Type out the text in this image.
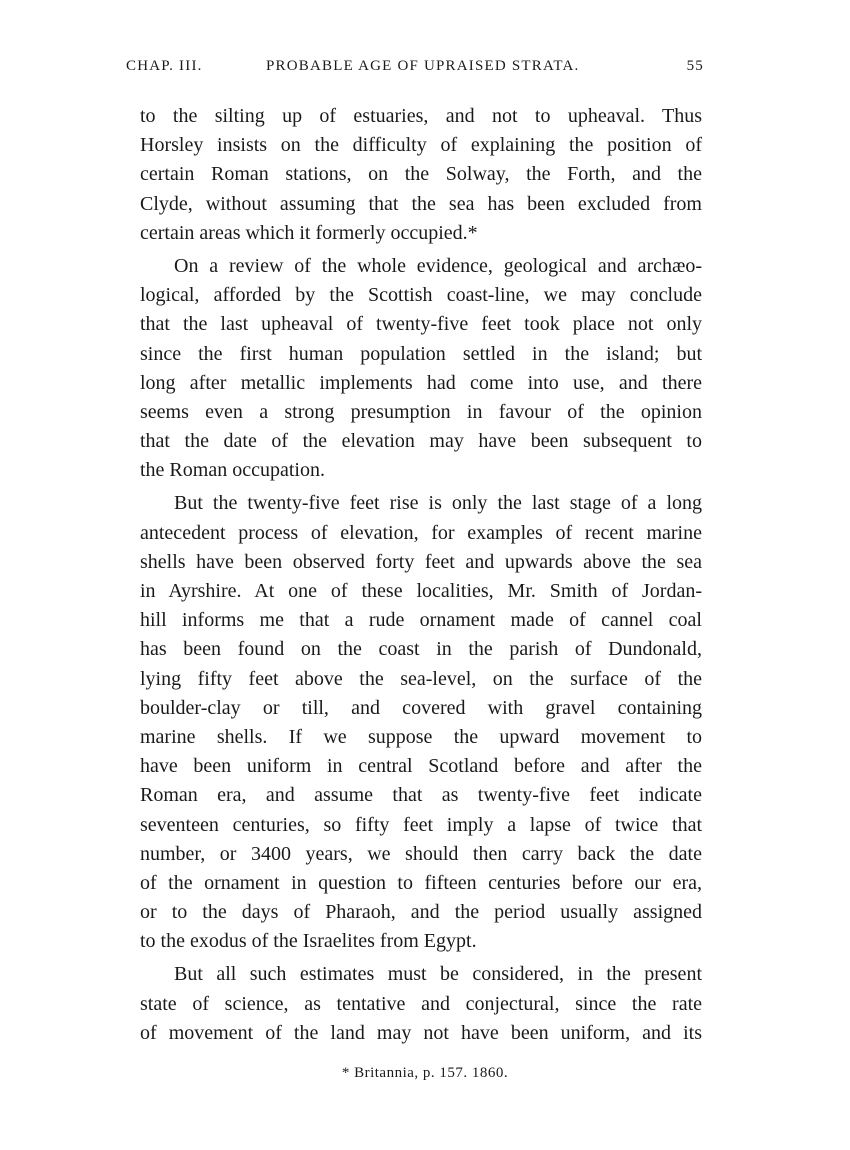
CHAP. III.	PROBABLE AGE OF UPRAISED STRATA.	55
to the silting up of estuaries, and not to upheaval. Thus
Horsley insists on the difficulty of explaining the position of
certain Roman stations, on the Solway, the Forth, and the
Clyde, without assuming that the sea has been excluded from
certain areas which it formerly occupied.*
On a review of the whole evidence, geological and archæo-
logical, afforded by the Scottish coast-line, we may conclude
that the last upheaval of twenty-five feet took place not only
since the first human population settled in the island; but
long after metallic implements had come into use, and there
seems even a strong presumption in favour of the opinion
that the date of the elevation may have been subsequent to
the Roman occupation.
But the twenty-five feet rise is only the last stage of a long
antecedent process of elevation, for examples of recent marine
shells have been observed forty feet and upwards above the sea
in Ayrshire. At one of these localities, Mr. Smith of Jordan-
hill informs me that a rude ornament made of cannel coal
has been found on the coast in the parish of Dundonald,
lying fifty feet above the sea-level, on the surface of the
boulder-clay or till, and covered with gravel containing
marine shells. If we suppose the upward movement to
have been uniform in central Scotland before and after the
Roman era, and assume that as twenty-five feet indicate
seventeen centuries, so fifty feet imply a lapse of twice that
number, or 3400 years, we should then carry back the date
of the ornament in question to fifteen centuries before our era,
or to the days of Pharaoh, and the period usually assigned
to the exodus of the Israelites from Egypt.
But all such estimates must be considered, in the present
state of science, as tentative and conjectural, since the rate
of movement of the land may not have been uniform, and its
* Britannia, p. 157. 1860.
